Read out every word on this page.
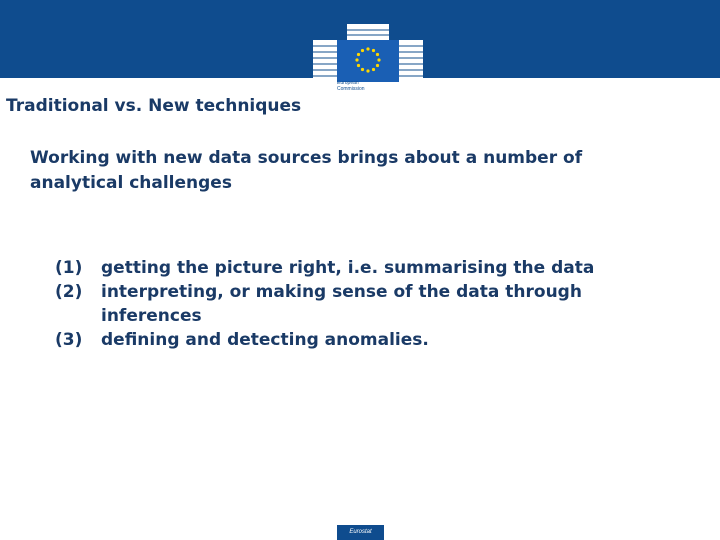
European
Commission
Traditional vs. New techniques
Working with new data sources brings about a number of analytical challenges
(1)	getting the picture right, i.e. summarising the data
(2)	interpreting, or making sense of the data through inferences
(3)	defining and detecting anomalies.
Eurostat
